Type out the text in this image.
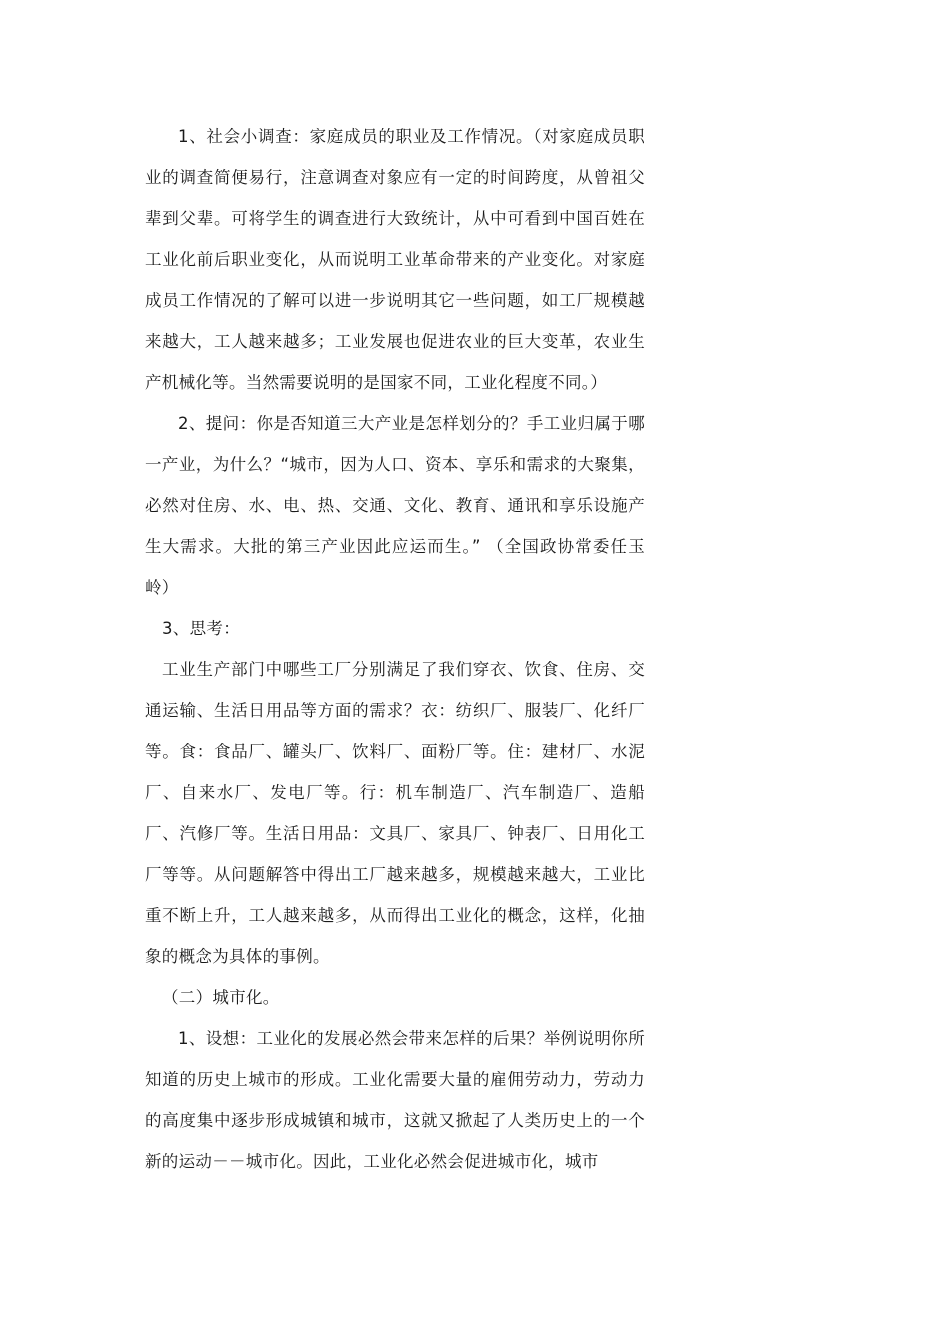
1、社会小调查：家庭成员的职业及工作情况。（对家庭成员职业的调查简便易行，注意调查对象应有一定的时间跨度，从曾祖父辈到父辈。可将学生的调查进行大致统计，从中可看到中国百姓在工业化前后职业变化，从而说明工业革命带来的产业变化。对家庭成员工作情况的了解可以进一步说明其它一些问题，如工厂规模越来越大，工人越来越多；工业发展也促进农业的巨大变革，农业生产机械化等。当然需要说明的是国家不同，工业化程度不同。）

2、提问：你是否知道三大产业是怎样划分的？手工业归属于哪一产业，为什么？“城市，因为人口、资本、享乐和需求的大聚集，必然对住房、水、电、热、交通、文化、教育、通讯和享乐设施产生大需求。大批的第三产业因此应运而生。” （全国政协常委任玉岭）

3、思考：

工业生产部门中哪些工厂分别满足了我们穿衣、饮食、住房、交通运输、生活日用品等方面的需求？衣：纺织厂、服装厂、化纤厂等。食：食品厂、罐头厂、饮料厂、面粉厂等。住：建材厂、水泥厂、自来水厂、发电厂等。行：机车制造厂、汽车制造厂、造船厂、汽修厂等。生活日用品：文具厂、家具厂、钟表厂、日用化工厂等等。从问题解答中得出工厂越来越多，规模越来越大，工业比重不断上升，工人越来越多，从而得出工业化的概念，这样，化抽象的概念为具体的事例。

（二）城市化。

1、设想：工业化的发展必然会带来怎样的后果？举例说明你所知道的历史上城市的形成。工业化需要大量的雇佣劳动力，劳动力的高度集中逐步形成城镇和城市，这就又掀起了人类历史上的一个新的运动－－城市化。因此，工业化必然会促进城市化，城市
